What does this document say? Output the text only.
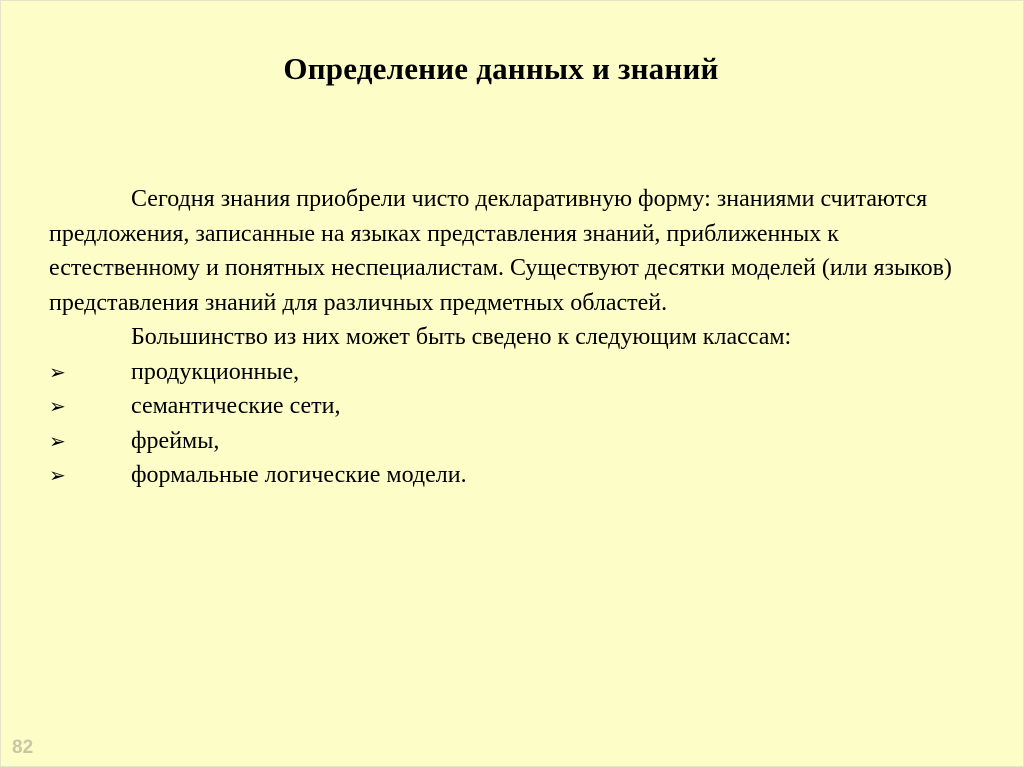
Определение данных и знаний

Сегодня знания приобрели чисто декларативную форму: знаниями считаются предложения, записанные на языках представления знаний, приближенных к естественному и понятных неспециалистам. Существуют десятки моделей (или языков) представления знаний для различных предметных областей.

Большинство из них может быть сведено к следующим классам:

➢	продукционные,
➢	семантические сети,
➢	фреймы,
➢	формальные логические модели.
82
